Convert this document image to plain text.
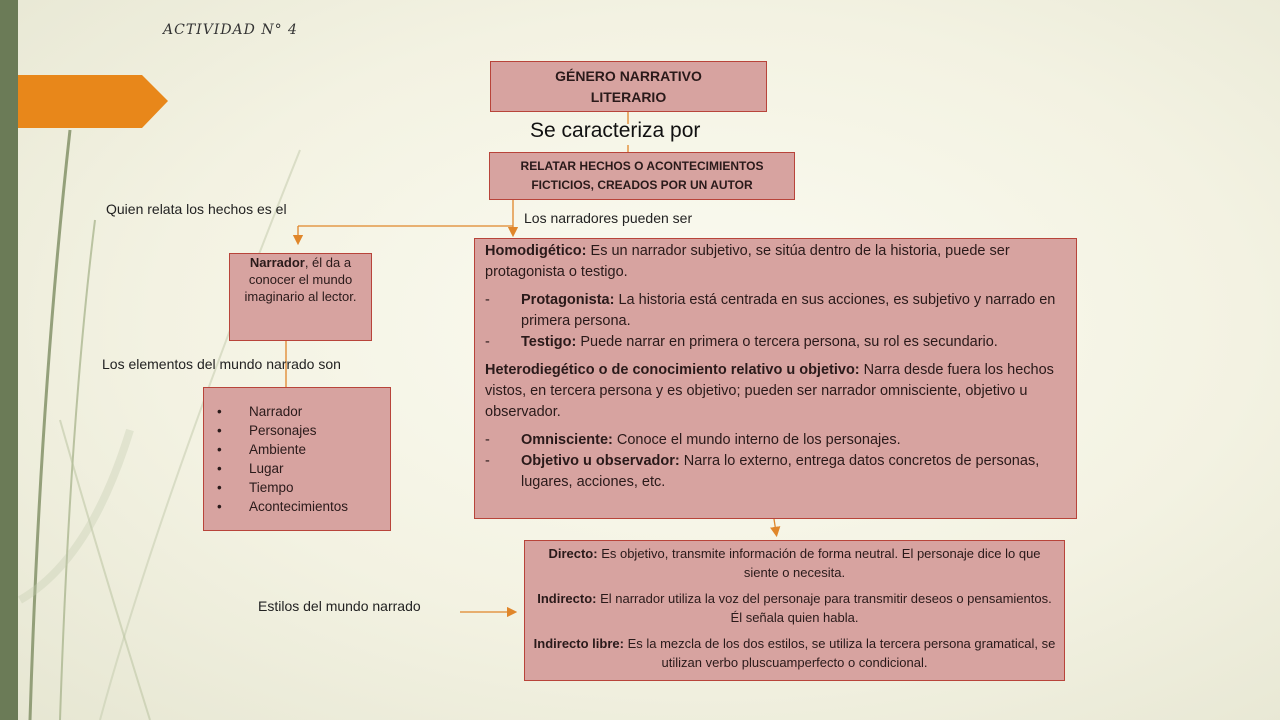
ACTIVIDAD N° 4
GÉNERO NARRATIVO
LITERARIO
Se caracteriza por
RELATAR HECHOS O ACONTECIMIENTOS
FICTICIOS, CREADOS POR UN AUTOR
Quien relata los hechos es el
Los narradores pueden ser
Narrador, él da a conocer el mundo imaginario al lector.
Los elementos del mundo narrado son
• Narrador
• Personajes
• Ambiente
• Lugar
• Tiempo
• Acontecimientos

Homodigético: Es un narrador subjetivo, se sitúa dentro de la historia, puede ser protagonista o testigo.

- Protagonista: La historia está centrada en sus acciones, es subjetivo y narrado en primera persona.

- Testigo: Puede narrar en primera o tercera persona, su rol es secundario.

Heterodiegético o de conocimiento relativo u objetivo: Narra desde fuera los hechos vistos, en tercera persona y es objetivo; pueden ser narrador omnisciente, objetivo u observador.

- Omnisciente: Conoce el mundo interno de los personajes.

- Objetivo u observador: Narra lo externo, entrega datos concretos de personas, lugares, acciones, etc.

Estilos del mundo narrado

Directo: Es objetivo, transmite información de forma neutral. El personaje dice lo que siente o necesita.

Indirecto: El narrador utiliza la voz del personaje para transmitir deseos o pensamientos. Él señala quien habla.

Indirecto libre: Es la mezcla de los dos estilos, se utiliza la tercera persona gramatical, se utilizan verbo pluscuamperfecto o condicional.
